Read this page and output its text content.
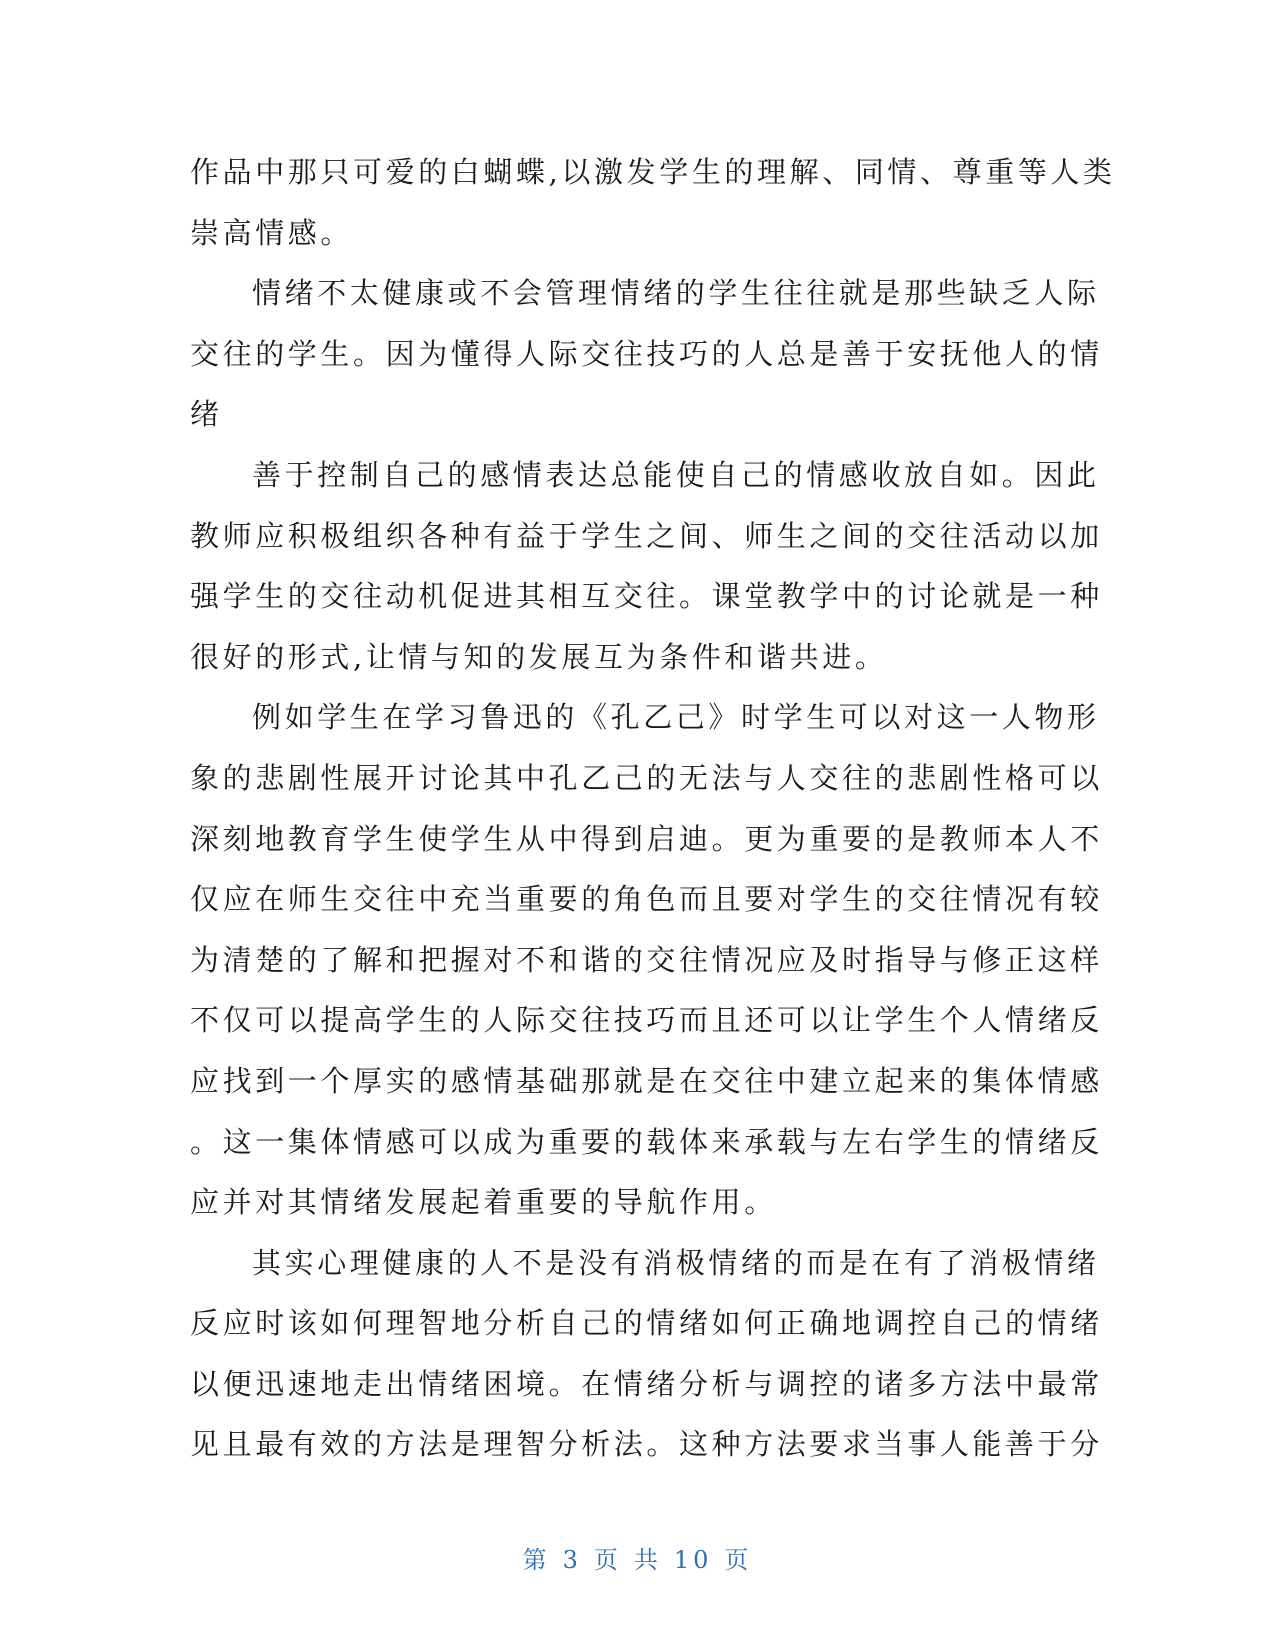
作品中那只可爱的白蝴蝶,以激发学生的理解、同情、尊重等人类
崇高情感。
情绪不太健康或不会管理情绪的学生往往就是那些缺乏人际
交往的学生。因为懂得人际交往技巧的人总是善于安抚他人的情
绪
善于控制自己的感情表达总能使自己的情感收放自如。因此
教师应积极组织各种有益于学生之间、师生之间的交往活动以加
强学生的交往动机促进其相互交往。课堂教学中的讨论就是一种
很好的形式,让情与知的发展互为条件和谐共进。
例如学生在学习鲁迅的《孔乙己》时学生可以对这一人物形
象的悲剧性展开讨论其中孔乙己的无法与人交往的悲剧性格可以
深刻地教育学生使学生从中得到启迪。更为重要的是教师本人不
仅应在师生交往中充当重要的角色而且要对学生的交往情况有较
为清楚的了解和把握对不和谐的交往情况应及时指导与修正这样
不仅可以提高学生的人际交往技巧而且还可以让学生个人情绪反
应找到一个厚实的感情基础那就是在交往中建立起来的集体情感
。这一集体情感可以成为重要的载体来承载与左右学生的情绪反
应并对其情绪发展起着重要的导航作用。
其实心理健康的人不是没有消极情绪的而是在有了消极情绪
反应时该如何理智地分析自己的情绪如何正确地调控自己的情绪
以便迅速地走出情绪困境。在情绪分析与调控的诸多方法中最常
见且最有效的方法是理智分析法。这种方法要求当事人能善于分
第 3 页 共 10 页
